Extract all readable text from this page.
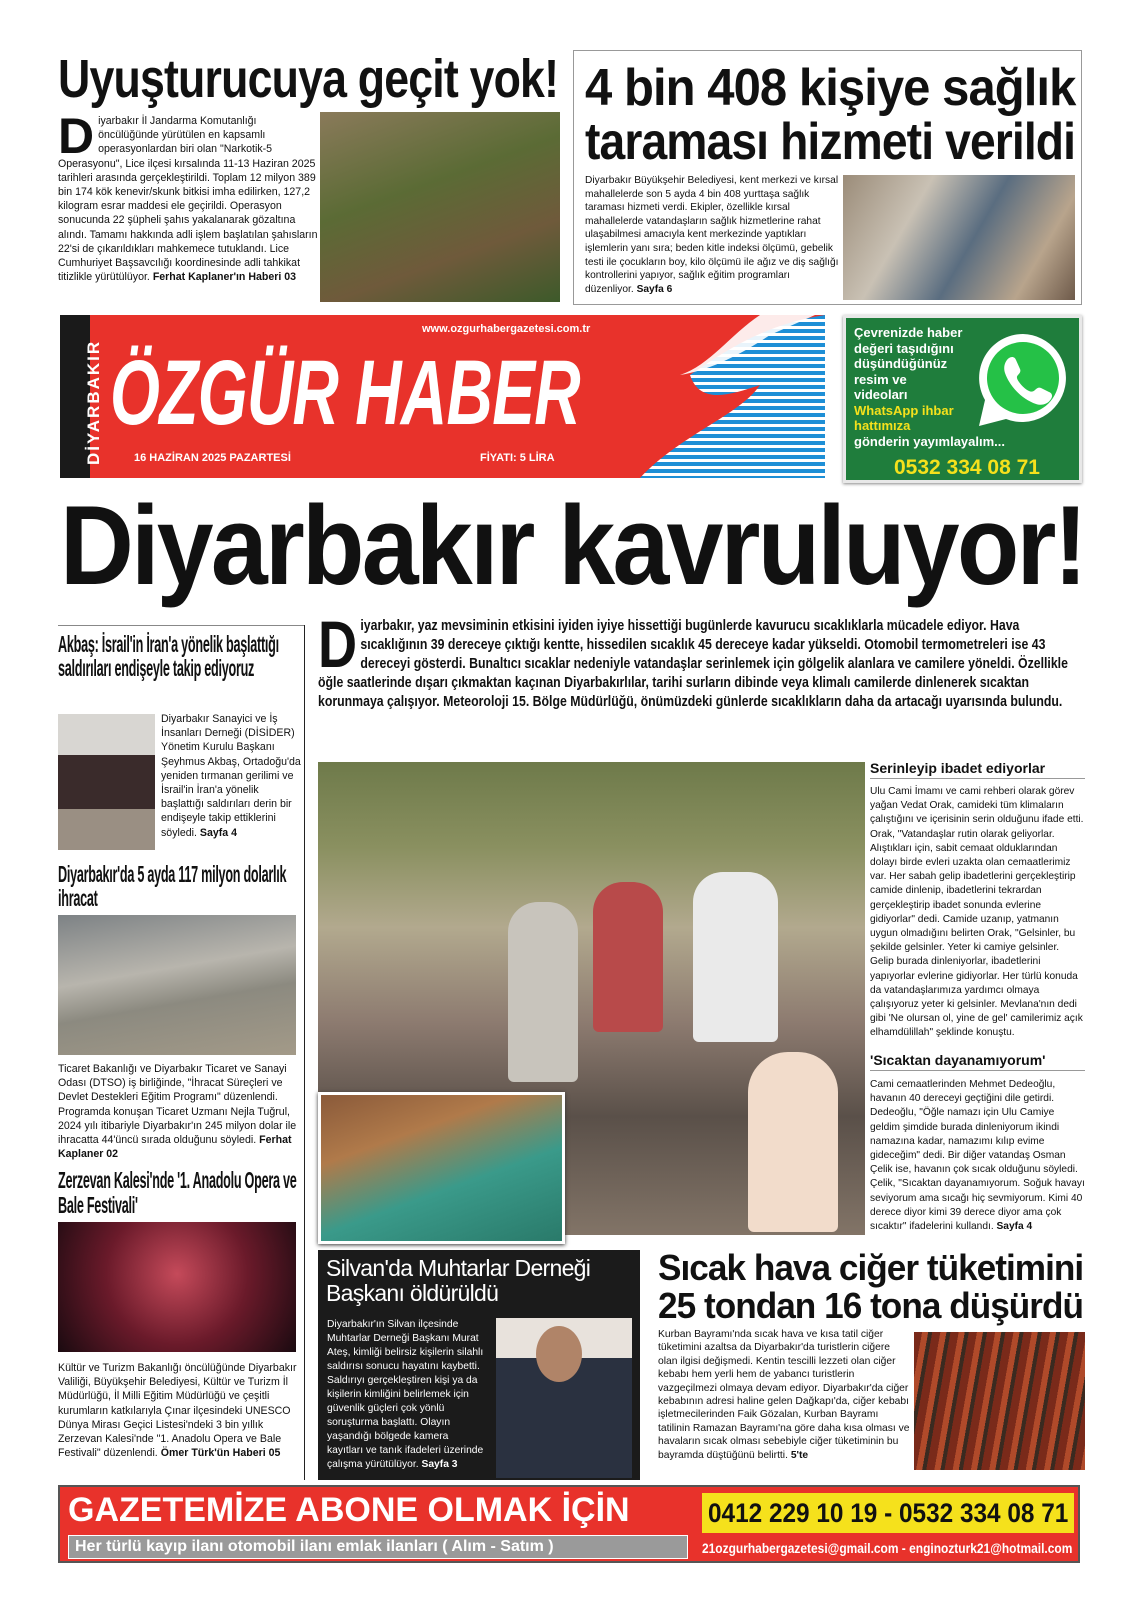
Uyuşturucuya geçit yok!
Diyarbakır İl Jandarma Komutanlığı öncülüğünde yürütülen en kapsamlı operasyonlardan biri olan "Narkotik-5 Operasyonu", Lice ilçesi kırsalında 11-13 Haziran 2025 tarihleri arasında gerçekleştirildi. Toplam 12 milyon 389 bin 174 kök kenevir/skunk bitkisi imha edilirken, 127,2 kilogram esrar maddesi ele geçirildi. Operasyon sonucunda 22 şüpheli şahıs yakalanarak gözaltına alındı. Tamamı hakkında adli işlem başlatılan şahısların 22'si de çıkarıldıkları mahkemece tutuklandı. Lice Cumhuriyet Başsavcılığı koordinesinde adli tahkikat titizlikle yürütülüyor. Ferhat Kaplaner'ın Haberi 03
4 bin 408 kişiye sağlık
taraması hizmeti verildi
Diyarbakır Büyükşehir Belediyesi, kent merkezi ve kırsal mahallelerde son 5 ayda 4 bin 408 yurttaşa sağlık taraması hizmeti verdi. Ekipler, özellikle kırsal mahallelerde vatandaşların sağlık hizmetlerine rahat ulaşabilmesi amacıyla kent merkezinde yaptıkları işlemlerin yanı sıra; beden kitle indeksi ölçümü, gebelik testi ile çocukların boy, kilo ölçümü ile ağız ve diş sağlığı kontrollerini yapıyor, sağlık eğitim programları düzenliyor. Sayfa 6
DİYARBAKIR
www.ozgurhabergazetesi.com.tr
ÖZGÜR HABER
16 HAZİRAN 2025 PAZARTESİ	FİYATI: 5 LİRA
Çevrenizde haber
değeri taşıdığını
düşündüğünüz
resim ve
videoları
WhatsApp ihbar
hattımıza
gönderin yayımlayalım...
0532 334 08 71
Diyarbakır kavruluyor!
Akbaş: İsrail'in İran'a yönelik başlattığı saldırıları endişeyle takip ediyoruz
Diyarbakır Sanayici ve İş İnsanları Derneği (DİSİDER) Yönetim Kurulu Başkanı Şeyhmus Akbaş, Ortadoğu'da yeniden tırmanan gerilimi ve İsrail'in İran'a yönelik başlattığı saldırıları derin bir endişeyle takip ettiklerini söyledi. Sayfa 4
Diyarbakır'da 5 ayda 117 milyon dolarlık ihracat
Ticaret Bakanlığı ve Diyarbakır Ticaret ve Sanayi Odası (DTSO) iş birliğinde, "İhracat Süreçleri ve Devlet Destekleri Eğitim Programı" düzenlendi. Programda konuşan Ticaret Uzmanı Nejla Tuğrul, 2024 yılı itibariyle Diyarbakır'ın 245 milyon dolar ile ihracatta 44'üncü sırada olduğunu söyledi. Ferhat Kaplaner 02
Zerzevan Kalesi'nde '1. Anadolu Opera ve Bale Festivali'
Kültür ve Turizm Bakanlığı öncülüğünde Diyarbakır Valiliği, Büyükşehir Belediyesi, Kültür ve Turizm İl Müdürlüğü, İl Milli Eğitim Müdürlüğü ve çeşitli kurumların katkılarıyla Çınar ilçesindeki UNESCO Dünya Mirası Geçici Listesi'ndeki 3 bin yıllık Zerzevan Kalesi'nde "1. Anadolu Opera ve Bale Festivali" düzenlendi. Ömer Türk'ün Haberi 05
Diyarbakır, yaz mevsiminin etkisini iyiden iyiye hissettiği bugünlerde kavurucu sıcaklıklarla mücadele ediyor. Hava sıcaklığının 39 dereceye çıktığı kentte, hissedilen sıcaklık 45 dereceye kadar yükseldi. Otomobil termometreleri ise 43 dereceyi gösterdi. Bunaltıcı sıcaklar nedeniyle vatandaşlar serinlemek için gölgelik alanlara ve camilere yöneldi. Özellikle öğle saatlerinde dışarı çıkmaktan kaçınan Diyarbakırlılar, tarihi surların dibinde veya klimalı camilerde dinlenerek sıcaktan korunmaya çalışıyor. Meteoroloji 15. Bölge Müdürlüğü, önümüzdeki günlerde sıcaklıkların daha da artacağı uyarısında bulundu.
Serinleyip ibadet ediyorlar
Ulu Cami İmamı ve cami rehberi olarak görev yağan Vedat Orak, camideki tüm klimaların çalıştığını ve içerisinin serin olduğunu ifade etti. Orak, "Vatandaşlar rutin olarak geliyorlar. Alıştıkları için, sabit cemaat olduklarından dolayı birde evleri uzakta olan cemaatlerimiz var. Her sabah gelip ibadetlerini gerçekleştirip camide dinlenip, ibadetlerini tekrardan gerçekleştirip ibadet sonunda evlerine gidiyorlar" dedi. Camide uzanıp, yatmanın uygun olmadığını belirten Orak, "Gelsinler, bu şekilde gelsinler. Yeter ki camiye gelsinler. Gelip burada dinleniyorlar, ibadetlerini yapıyorlar evlerine gidiyorlar. Her türlü konuda da vatandaşlarımıza yardımcı olmaya çalışıyoruz yeter ki gelsinler. Mevlana'nın dedi gibi 'Ne olursan ol, yine de gel' camilerimiz açık elhamdülillah" şeklinde konuştu.
'Sıcaktan dayanamıyorum'
Cami cemaatlerinden Mehmet Dedeoğlu, havanın 40 dereceyi geçtiğini dile getirdi. Dedeoğlu, "Öğle namazı için Ulu Camiye geldim şimdide burada dinleniyorum ikindi namazına kadar, namazımı kılıp evime gideceğim" dedi. Bir diğer vatandaş Osman Çelik ise, havanın çok sıcak olduğunu söyledi. Çelik, "Sıcaktan dayanamıyorum. Soğuk havayı seviyorum ama sıcağı hiç sevmiyorum. Kimi 40 derece diyor kimi 39 derece diyor ama çok sıcaktır" ifadelerini kullandı. Sayfa 4
Silvan'da Muhtarlar Derneği Başkanı öldürüldü
Diyarbakır'ın Silvan ilçesinde Muhtarlar Derneği Başkanı Murat Ateş, kimliği belirsiz kişilerin silahlı saldırısı sonucu hayatını kaybetti. Saldırıyı gerçekleştiren kişi ya da kişilerin kimliğini belirlemek için güvenlik güçleri çok yönlü soruşturma başlattı. Olayın yaşandığı bölgede kamera kayıtları ve tanık ifadeleri üzerinde çalışma yürütülüyor. Sayfa 3
Sıcak hava ciğer tüketimini
25 tondan 16 tona düşürdü
Kurban Bayramı'nda sıcak hava ve kısa tatil ciğer tüketimini azaltsa da Diyarbakır'da turistlerin ciğere olan ilgisi değişmedi. Kentin tescilli lezzeti olan ciğer kebabı hem yerli hem de yabancı turistlerin vazgeçilmezi olmaya devam ediyor. Diyarbakır'da ciğer kebabının adresi haline gelen Dağkapı'da, ciğer kebabı işletmecilerinden Faik Gözalan, Kurban Bayramı tatilinin Ramazan Bayramı'na göre daha kısa olması ve havaların sıcak olması sebebiyle ciğer tüketiminin bu bayramda düştüğünü belirtti. 5'te
GAZETEMİZE ABONE OLMAK İÇİN
Her türlü kayıp ilanı otomobil ilanı emlak ilanları ( Alım - Satım )
0412 229 10 19 - 0532 334 08 71
21ozgurhabergazetesi@gmail.com - enginozturk21@hotmail.com
